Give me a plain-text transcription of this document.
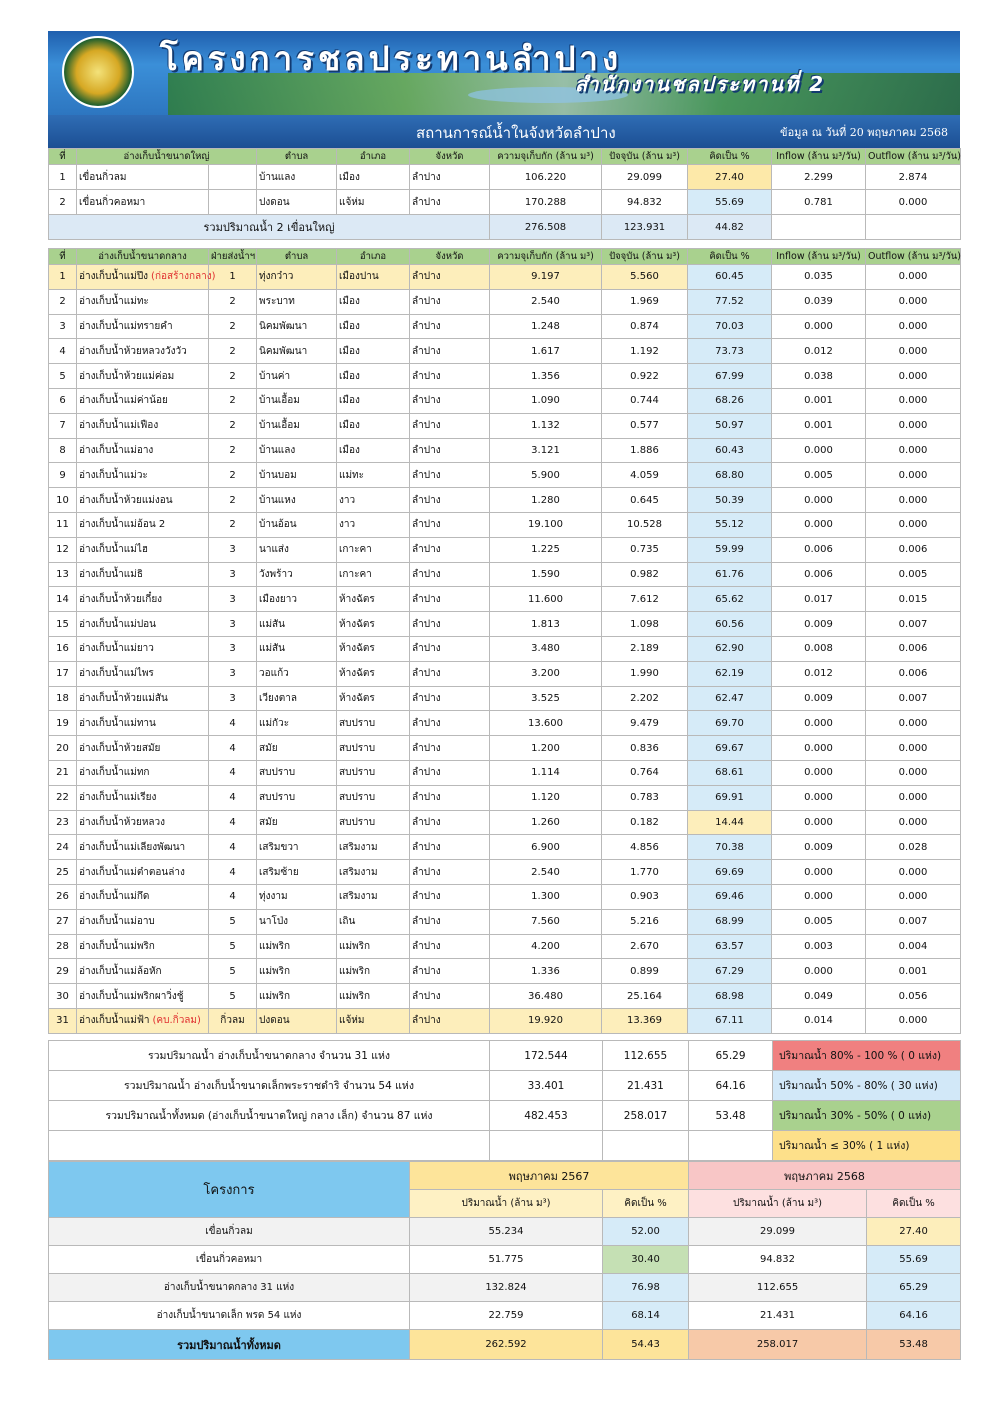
โครงการชลประทานลำปาง
สำนักงานชลประทานที่ 2
สถานการณ์น้ำในจังหวัดลำปาง	ข้อมูล ณ วันที่ 20 พฤษภาคม 2568
ที่	อ่างเก็บน้ำขนาดใหญ่		ตำบล	อำเภอ	จังหวัด	ความจุเก็บกัก (ล้าน ม³)	ปัจจุบัน (ล้าน ม³)	คิดเป็น %	Inflow (ล้าน ม³/วัน)	Outflow (ล้าน ม³/วัน)
1	เขื่อนกิ่วลม		บ้านแลง	เมือง	ลำปาง	106.220	29.099	27.40	2.299	2.874
2	เขื่อนกิ่วคอหมา		ปงดอน	แจ้ห่ม	ลำปาง	170.288	94.832	55.69	0.781	0.000
รวมปริมาณน้ำ 2 เขื่อนใหญ่						276.508	123.931	44.82		
ที่	อ่างเก็บน้ำขนาดกลาง	ฝ่ายส่งน้ำฯ	ตำบล	อำเภอ	จังหวัด	ความจุเก็บกัก (ล้าน ม³)	ปัจจุบัน (ล้าน ม³)	คิดเป็น %	Inflow (ล้าน ม³/วัน)	Outflow (ล้าน ม³/วัน)
1	อ่างเก็บน้ำแม่ปึง (ก่อสร้างกลาง)	1	ทุ่งกว๋าว	เมืองปาน	ลำปาง	9.197	5.560	60.45	0.035	0.000
2	อ่างเก็บน้ำแม่ทะ	2	พระบาท	เมือง	ลำปาง	2.540	1.969	77.52	0.039	0.000
3	อ่างเก็บน้ำแม่ทรายคำ	2	นิคมพัฒนา	เมือง	ลำปาง	1.248	0.874	70.03	0.000	0.000
4	อ่างเก็บน้ำห้วยหลวงวังวัว	2	นิคมพัฒนา	เมือง	ลำปาง	1.617	1.192	73.73	0.012	0.000
5	อ่างเก็บน้ำห้วยแม่ค่อม	2	บ้านค่า	เมือง	ลำปาง	1.356	0.922	67.99	0.038	0.000
6	อ่างเก็บน้ำแม่ค่าน้อย	2	บ้านเอื้อม	เมือง	ลำปาง	1.090	0.744	68.26	0.001	0.000
7	อ่างเก็บน้ำแม่เฟือง	2	บ้านเอื้อม	เมือง	ลำปาง	1.132	0.577	50.97	0.001	0.000
8	อ่างเก็บน้ำแม่อาง	2	บ้านแลง	เมือง	ลำปาง	3.121	1.886	60.43	0.000	0.000
9	อ่างเก็บน้ำแม่วะ	2	บ้านบอม	แม่ทะ	ลำปาง	5.900	4.059	68.80	0.005	0.000
10	อ่างเก็บน้ำห้วยแม่งอน	2	บ้านแหง	งาว	ลำปาง	1.280	0.645	50.39	0.000	0.000
11	อ่างเก็บน้ำแม่อ้อน 2	2	บ้านอ้อน	งาว	ลำปาง	19.100	10.528	55.12	0.000	0.000
12	อ่างเก็บน้ำแม่ไฮ	3	นาแส่ง	เกาะคา	ลำปาง	1.225	0.735	59.99	0.006	0.006
13	อ่างเก็บน้ำแม่ธิ	3	วังพร้าว	เกาะคา	ลำปาง	1.590	0.982	61.76	0.006	0.005
14	อ่างเก็บน้ำห้วยเกี๋ยง	3	เมืองยาว	ห้างฉัตร	ลำปาง	11.600	7.612	65.62	0.017	0.015
15	อ่างเก็บน้ำแม่ปอน	3	แม่สัน	ห้างฉัตร	ลำปาง	1.813	1.098	60.56	0.009	0.007
16	อ่างเก็บน้ำแม่ยาว	3	แม่สัน	ห้างฉัตร	ลำปาง	3.480	2.189	62.90	0.008	0.006
17	อ่างเก็บน้ำแม่ไพร	3	วอแก้ว	ห้างฉัตร	ลำปาง	3.200	1.990	62.19	0.012	0.006
18	อ่างเก็บน้ำห้วยแม่สัน	3	เวียงตาล	ห้างฉัตร	ลำปาง	3.525	2.202	62.47	0.009	0.007
19	อ่างเก็บน้ำแม่ทาน	4	แม่กัวะ	สบปราบ	ลำปาง	13.600	9.479	69.70	0.000	0.000
20	อ่างเก็บน้ำห้วยสมัย	4	สมัย	สบปราบ	ลำปาง	1.200	0.836	69.67	0.000	0.000
21	อ่างเก็บน้ำแม่ทก	4	สบปราบ	สบปราบ	ลำปาง	1.114	0.764	68.61	0.000	0.000
22	อ่างเก็บน้ำแม่เรียง	4	สบปราบ	สบปราบ	ลำปาง	1.120	0.783	69.91	0.000	0.000
23	อ่างเก็บน้ำห้วยหลวง	4	สมัย	สบปราบ	ลำปาง	1.260	0.182	14.44	0.000	0.000
24	อ่างเก็บน้ำแม่เลียงพัฒนา	4	เสริมขวา	เสริมงาม	ลำปาง	6.900	4.856	70.38	0.009	0.028
25	อ่างเก็บน้ำแม่ต๋าตอนล่าง	4	เสริมซ้าย	เสริมงาม	ลำปาง	2.540	1.770	69.69	0.000	0.000
26	อ่างเก็บน้ำแม่กึด	4	ทุ่งงาม	เสริมงาม	ลำปาง	1.300	0.903	69.46	0.000	0.000
27	อ่างเก็บน้ำแม่อาบ	5	นาโป่ง	เถิน	ลำปาง	7.560	5.216	68.99	0.005	0.007
28	อ่างเก็บน้ำแม่พริก	5	แม่พริก	แม่พริก	ลำปาง	4.200	2.670	63.57	0.003	0.004
29	อ่างเก็บน้ำแม่ล้อหัก	5	แม่พริก	แม่พริก	ลำปาง	1.336	0.899	67.29	0.000	0.001
30	อ่างเก็บน้ำแม่พริกผาวิ่งชู้	5	แม่พริก	แม่พริก	ลำปาง	36.480	25.164	68.98	0.049	0.056
31	อ่างเก็บน้ำแม่ฟ้า (คบ.กิ่วลม)	กิ่วลม	ปงดอน	แจ้ห่ม	ลำปาง	19.920	13.369	67.11	0.014	0.000
รวมปริมาณน้ำ อ่างเก็บน้ำขนาดกลาง จำนวน 31 แห่ง	172.544	112.655	65.29	ปริมาณน้ำ 80% - 100 % ( 0 แห่ง)
รวมปริมาณน้ำ อ่างเก็บน้ำขนาดเล็กพระราชดำริ จำนวน 54 แห่ง	33.401	21.431	64.16	ปริมาณน้ำ 50% - 80% ( 30 แห่ง)
รวมปริมาณน้ำทั้งหมด (อ่างเก็บน้ำขนาดใหญ่ กลาง เล็ก) จำนวน 87 แห่ง	482.453	258.017	53.48	ปริมาณน้ำ 30% - 50% ( 0 แห่ง)
				ปริมาณน้ำ ≤ 30% ( 1 แห่ง)
โครงการ	พฤษภาคม 2567		พฤษภาคม 2568	
	ปริมาณน้ำ (ล้าน ม³)	คิดเป็น %	ปริมาณน้ำ (ล้าน ม³)	คิดเป็น %
เขื่อนกิ่วลม	55.234	52.00	29.099	27.40
เขื่อนกิ่วคอหมา	51.775	30.40	94.832	55.69
อ่างเก็บน้ำขนาดกลาง 31 แห่ง	132.824	76.98	112.655	65.29
อ่างเก็บน้ำขนาดเล็ก พรด 54 แห่ง	22.759	68.14	21.431	64.16
รวมปริมาณน้ำทั้งหมด	262.592	54.43	258.017	53.48
